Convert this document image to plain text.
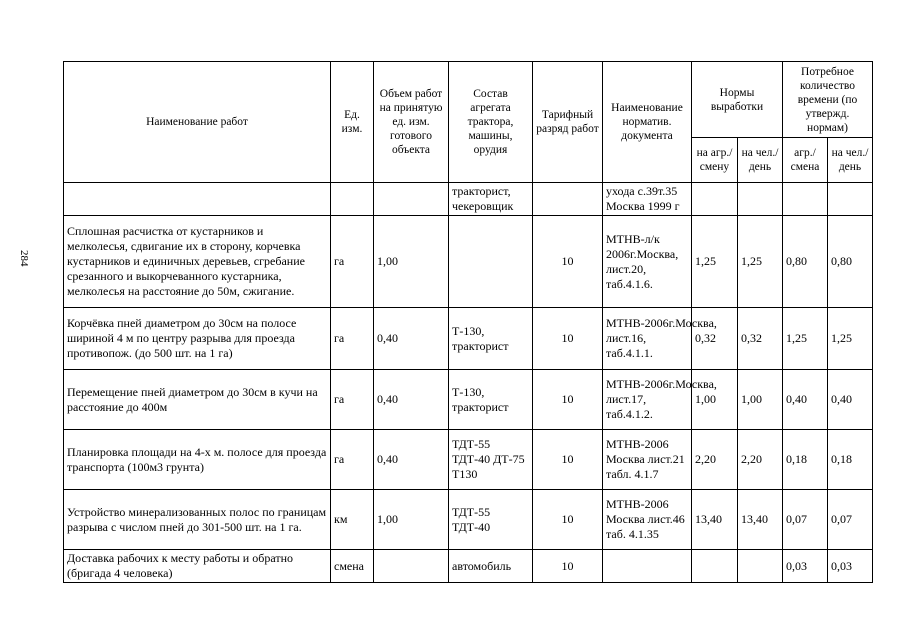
284
Наименование работ	Ед. изм.	Объем работ на принятую ед. изм. готового объекта	Состав агрегата трактора, машины, орудия	Тарифный разряд работ	Наименование норматив. документа	Нормы выработки		Потребное количество времени (по утвержд. нормам)	
						на агр./ смену	на чел./ день	агр./ смена	на чел./ день
			тракторист, чекеровщик		ухода с.39т.35 Москва 1999 г				
Сплошная расчистка от кустарников и мелколесья, сдвигание их в сторону, корчевка кустарников и единичных деревьев, сгребание срезанного и выкорчеванного кустарника, мелколесья на расстояние до 50м, сжигание.	га	1,00		10	МТНВ-л/к 2006г.Москва, лист.20, таб.4.1.6.	1,25	1,25	0,80	0,80
Корчёвка пней диаметром до 30см на полосе шириной 4 м по центру разрыва для проезда противопож. (до 500 шт. на 1 га)	га	0,40	Т-130, тракторист	10	МТНВ-2006г.Москва, лист.16, таб.4.1.1.	0,32	0,32	1,25	1,25
Перемещение пней диаметром до 30см в кучи на расстояние до 400м	га	0,40	Т-130, тракторист	10	МТНВ-2006г.Москва, лист.17, таб.4.1.2.	1,00	1,00	0,40	0,40
Планировка площади на 4-х м. полосе для проезда транспорта (100м3 грунта)	га	0,40	ТДТ-55 ТДТ-40 ДТ-75 Т130	10	МТНВ-2006 Москва лист.21 табл. 4.1.7	2,20	2,20	0,18	0,18
Устройство минерализованных полос по границам разрыва с числом пней до 301-500 шт. на 1 га.	км	1,00	ТДТ-55 ТДТ-40	10	МТНВ-2006 Москва лист.46 таб. 4.1.35	13,40	13,40	0,07	0,07
Доставка рабочих к месту работы и обратно (бригада 4 человека)	смена		автомобиль	10				0,03	0,03
